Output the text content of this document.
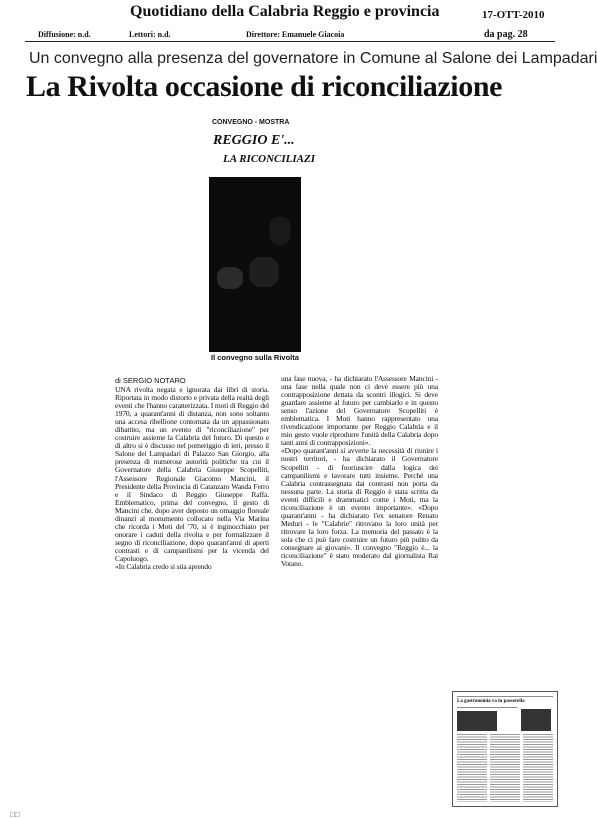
Quotidiano della Calabria Reggio e provincia	17-OTT-2010
Diffusione: n.d.	Lettori: n.d.	Direttore: Emanuele Giacoia	da pag. 28
Un convegno alla presenza del governatore in Comune al Salone dei Lampadari
La Rivolta occasione di riconciliazione
CONVEGNO - MOSTRA
REGGIO E'...
LA RICONCILIAZI
Il convegno sulla Rivolta
di SERGIO NOTARO
UNA rivolta negata e ignorata dai libri di storia. Riportata in modo distorto e privata della realtà degli eventi che l'hanno caratterizzata. I moti di Reggio del 1970, a quarant'anni di distanza, non sono soltanto una accesa ribellione contornata da un appassionato dibattito, ma un evento di "riconciliazione" per costruire assieme la Calabria del futuro. Di questo e di altro si è discusso nel pomeriggio di ieri, presso il Salone dei Lampadari di Palazzo San Giorgio, alla presenza di numerose autorità politiche tra cui il Governatore della Calabria Giuseppe Scopelliti, l'Assessore Regionale Giacomo Mancini, il Presidente della Provincia di Catanzaro Wanda Ferro e il Sindaco di Reggio Giuseppe Raffa. Emblematico, prima del convegno, il gesto di Mancini che, dopo aver deposto un omaggio floreale dinanzi al monumento collocato nella Via Marina che ricorda i Moti del '70, si è inginocchiato per onorare i caduti della rivolta e per formalizzare il segno di riconciliazione, dopo quarant'anni di aperti contrasti e di campanilismi per la vicenda del Capoluogo.
«In Calabria credo si stia aprendo
una fase nuova, - ha dichiarato l'Assessore Mancini - una fase nella quale non ci deve essere più una contrapposizione dettata da scontri illogici. Si deve guardare assieme al futuro per cambiarlo e in questo senso l'azione del Governatore Scopelliti è emblematica. I Moti hanno rappresentato una rivendicazione importante per Reggio Calabria e il mio gesto vuole riprodurre l'unità della Calabria dopo tanti anni di contrapposizioni».
«Dopo quarant'anni si avverte la necessità di riunire i nostri territori, - ha dichiarato il Governatore Scopelliti - di fuoriuscire dalla logica dei campanilismi e lavorare tutti insieme. Perché una Calabria contrassegnata dai contrasti non porta da nessuna parte. La storia di Reggio è stata scritta da eventi difficili e drammatici come i Moti, ma la riconciliazione è un evento importante». «Dopo quarant'anni - ha dichiarato l'ex senatore Renato Meduri - le "Calabrie" ritrovano la loro unità per ritrovare la loro forza. La memoria del passato è la sola che ci può fare costruire un futuro più pulito da consegnare ai giovani». Il convegno "Reggio è... la riconciliazione" è stato moderato dal giornalista Rai Votano.
La gastronomia va in passerella
□□
